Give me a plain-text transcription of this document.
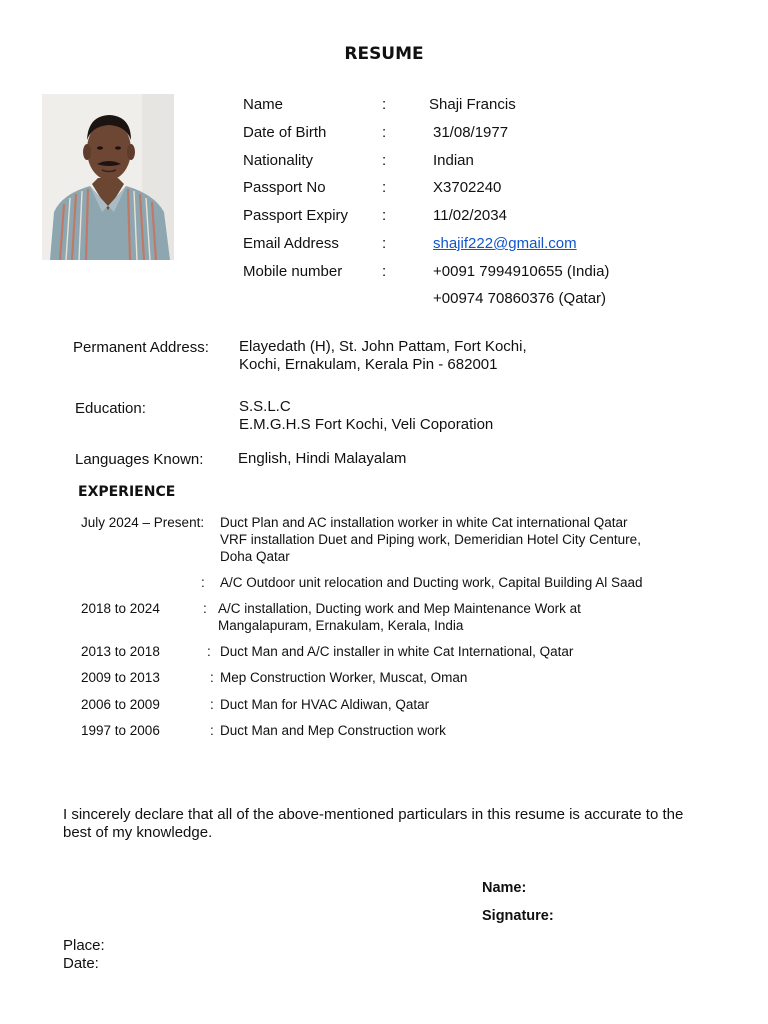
RESUME
Name	:	Shaji Francis
Date of Birth	:	31/08/1977
Nationality	:	Indian
Passport No	:	X3702240
Passport Expiry :	11/02/2034
Email Address	:	shajif222@gmail.com
Mobile number	:	+0091 7994910655 (India)
+00974 70860376 (Qatar)
Permanent Address: Elayedath (H), St. John Pattam, Fort Kochi,
Kochi, Ernakulam, Kerala Pin - 682001
Education:	S.S.L.C
E.M.G.H.S Fort Kochi, Veli Coporation
Languages Known: English, Hindi Malayalam
EXPERIENCE
July 2024 – Present: Duct Plan and AC installation worker in white Cat international Qatar
VRF installation Duet and Piping work, Demeridian Hotel City Centure,
Doha Qatar
: A/C Outdoor unit relocation and Ducting work, Capital Building Al Saad
2018 to 2024	: A/C installation, Ducting work and Mep Maintenance Work at
Mangalapuram, Ernakulam, Kerala, India
2013 to 2018	: Duct Man and A/C installer in white Cat International, Qatar
2009 to 2013	: Mep Construction Worker, Muscat, Oman
2006 to 2009	: Duct Man for HVAC Aldiwan, Qatar
1997 to 2006	: Duct Man and Mep Construction work
I sincerely declare that all of the above-mentioned particulars in this resume is accurate to the best of my knowledge.
Name:
Signature:
Place:
Date:
